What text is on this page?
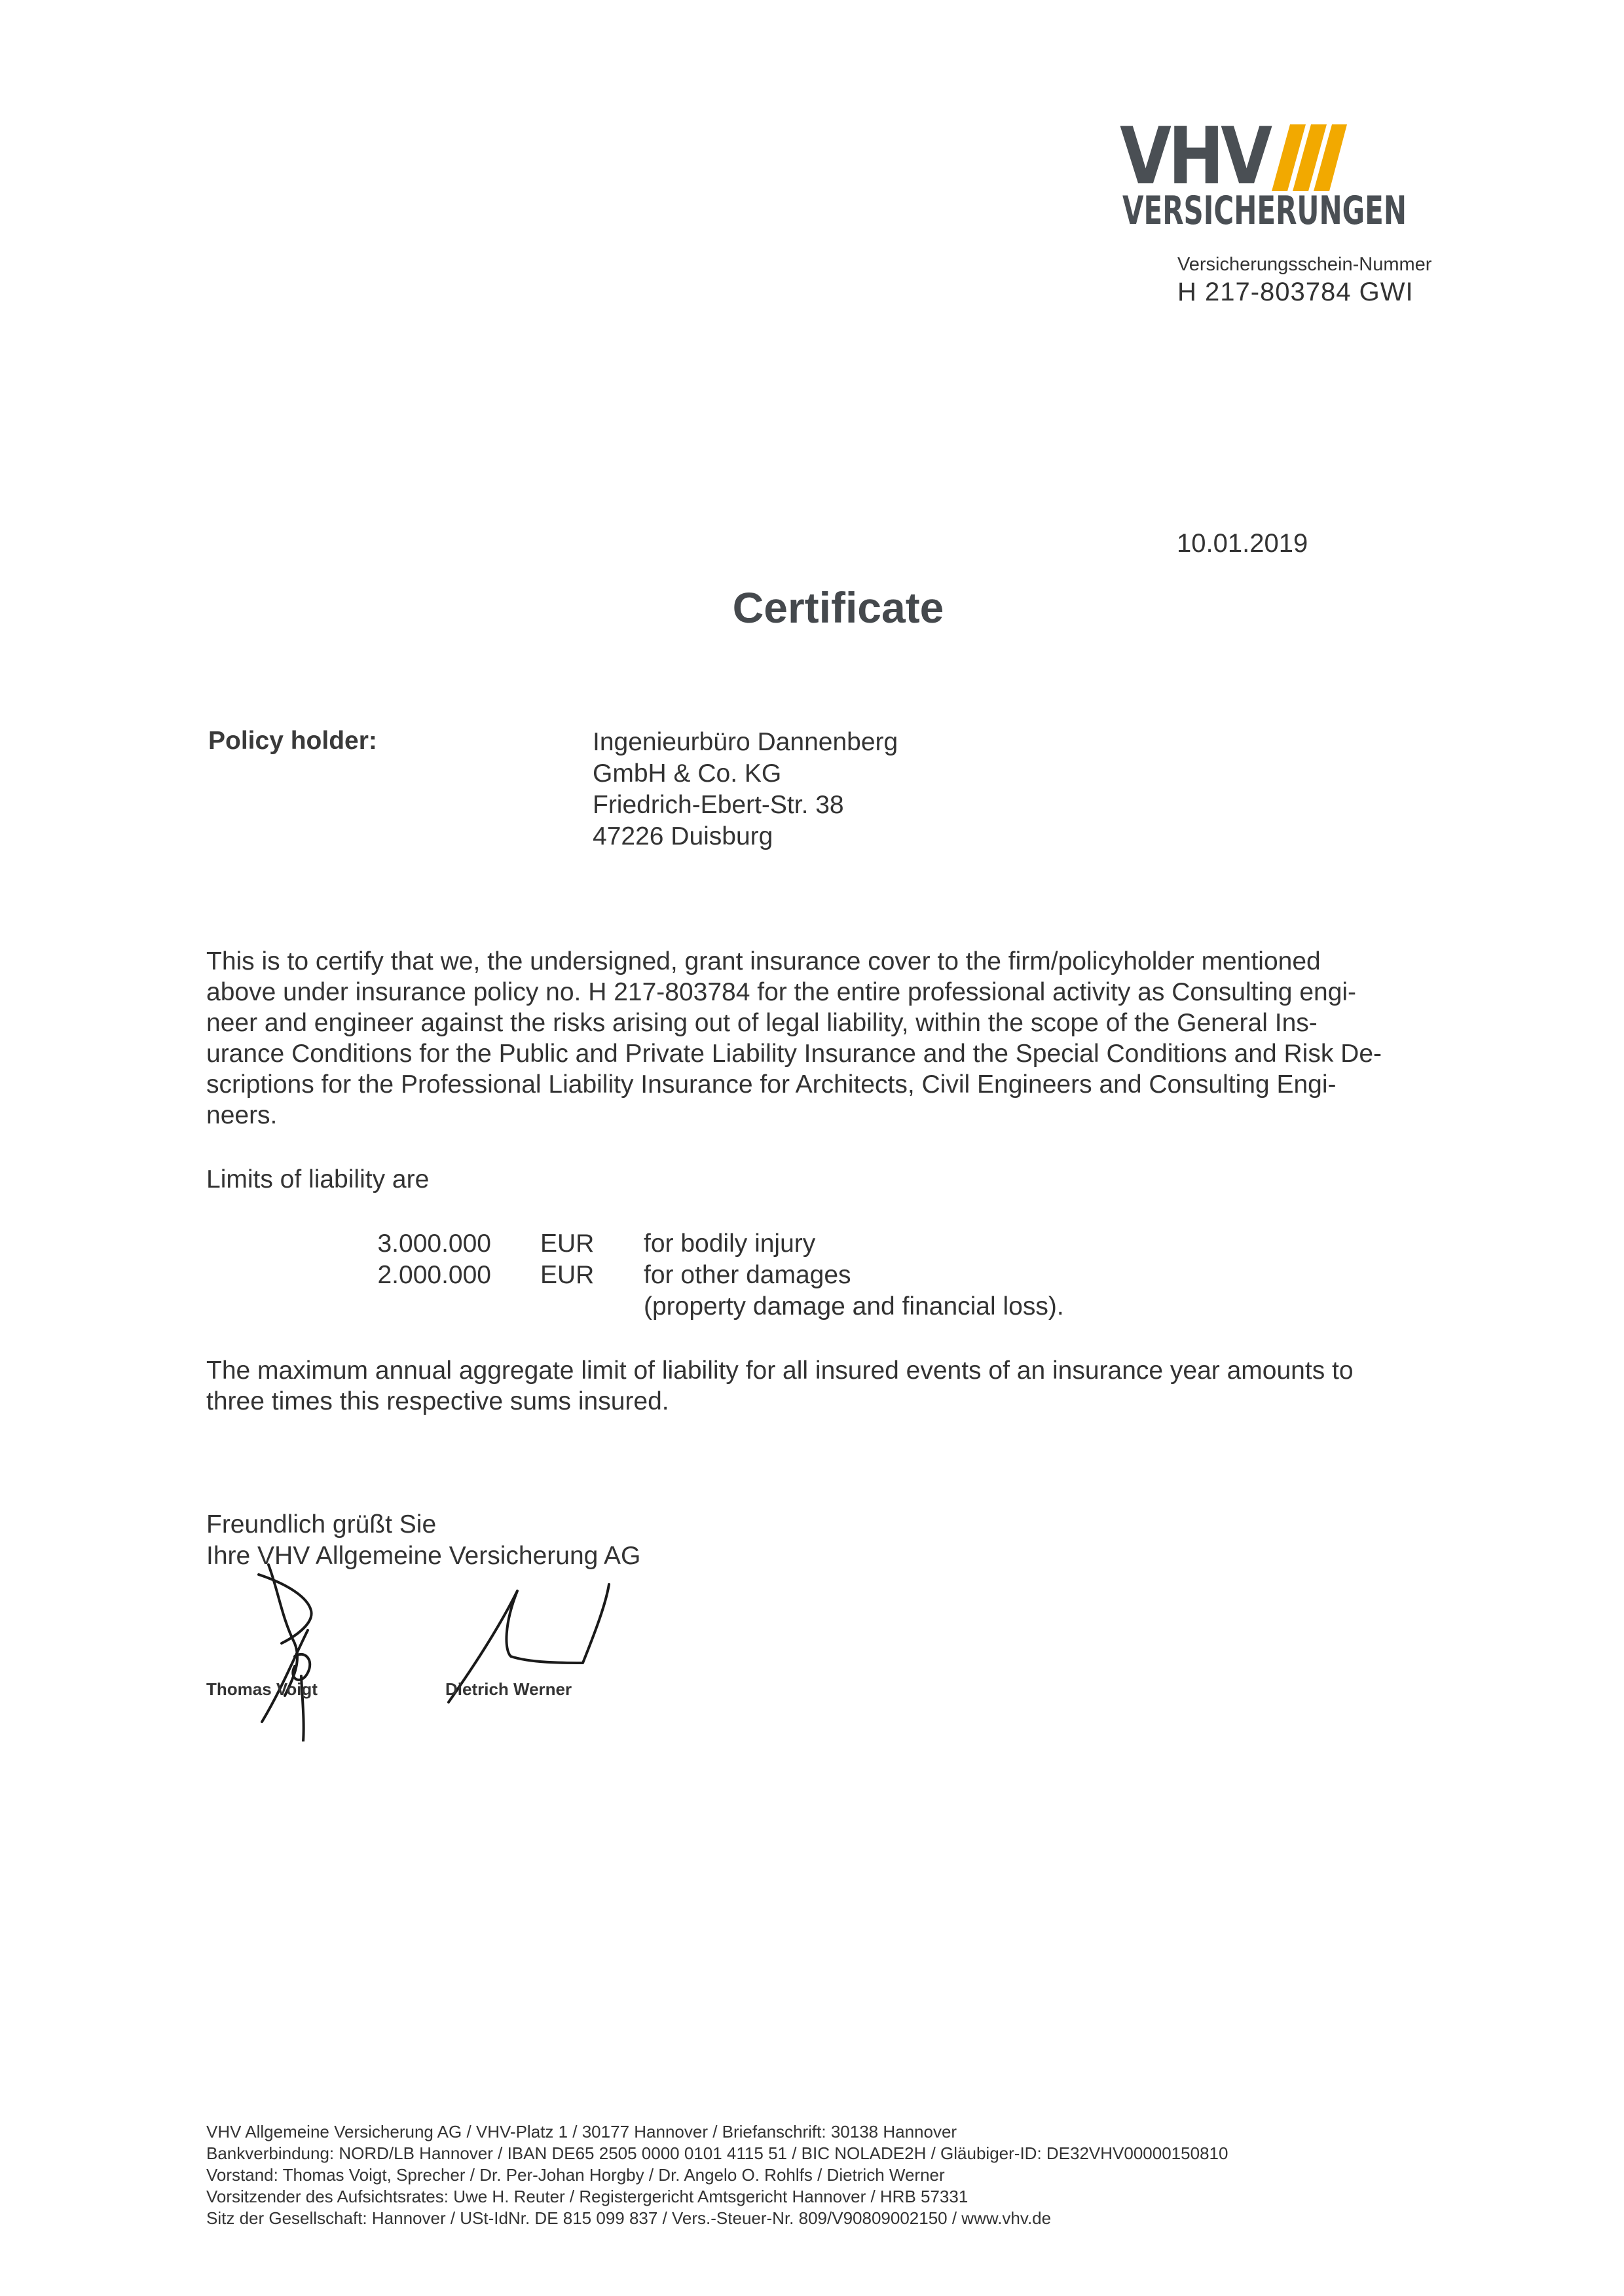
VHV
VERSICHERUNGEN
Versicherungsschein-Nummer
H 217-803784 GWI
10.01.2019
Certificate
Policy holder:	Ingenieurbüro Dannenberg
GmbH & Co. KG
Friedrich-Ebert-Str. 38
47226 Duisburg
This is to certify that we, the undersigned, grant insurance cover to the firm/policyholder mentioned
above under insurance policy no. H 217-803784 for the entire professional activity as Consulting engi-
neer and engineer against the risks arising out of legal liability, within the scope of the General Ins-
urance Conditions for the Public and Private Liability Insurance and the Special Conditions and Risk De-
scriptions for the Professional Liability Insurance for Architects, Civil Engineers and Consulting Engi-
neers.
Limits of liability are
3.000.000 EUR for bodily injury
2.000.000 EUR for other damages
(property damage and financial loss).
The maximum annual aggregate limit of liability for all insured events of an insurance year amounts to
three times this respective sums insured.
Freundlich grüßt Sie
Ihre VHV Allgemeine Versicherung AG
Thomas Voigt	Dietrich Werner
VHV Allgemeine Versicherung AG / VHV-Platz 1 / 30177 Hannover / Briefanschrift: 30138 Hannover
Bankverbindung: NORD/LB Hannover / IBAN DE65 2505 0000 0101 4115 51 / BIC NOLADE2H / Gläubiger-ID: DE32VHV00000150810
Vorstand: Thomas Voigt, Sprecher / Dr. Per-Johan Horgby / Dr. Angelo O. Rohlfs / Dietrich Werner
Vorsitzender des Aufsichtsrates: Uwe H. Reuter / Registergericht Amtsgericht Hannover / HRB 57331
Sitz der Gesellschaft: Hannover / USt-IdNr. DE 815 099 837 / Vers.-Steuer-Nr. 809/V90809002150 / www.vhv.de
